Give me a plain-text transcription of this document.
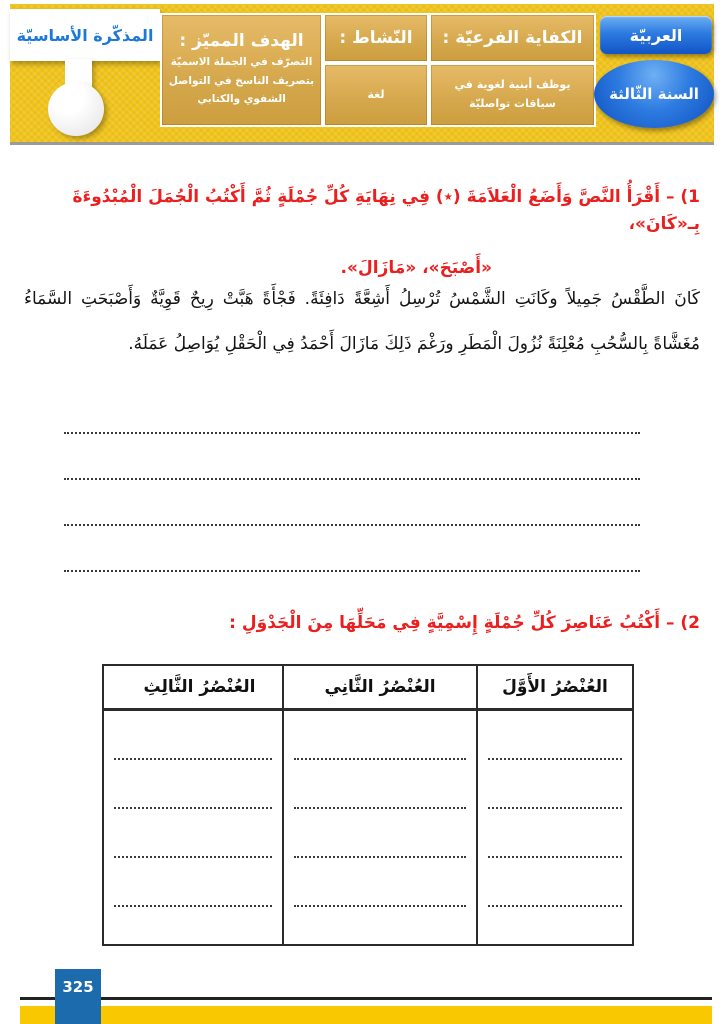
المذكّرة الأساسيّة	الكفاية الفرعيّة :
يوظف أبنية لغوية في سياقات تواصليّة
النّشاط :
لغة
الهدف المميّز :
التصرّف في الجملة الاسميّة بتصريف الناسخ في التواصل الشفوي والكتابي
العربيّة
السنة الثّالثة
1) – أَقْرَأُ النَّصَّ وَأَضَعُ الْعَلاَمَةَ (٭) فِي نِهَايَةِ كُلِّ جُمْلَةٍ ثُمَّ أَكْتُبُ الْجُمَلَ الْمُبْدُوءَةَ بِـ«كَانَ»،
«أَصْبَحَ»، «مَازَالَ».
كَانَ الطَّقْسُ جَمِيلاً وكَانَتِ الشَّمْسُ تُرْسِلُ أَشِعَّةً دَافِئَةً. فَجْأَةً هَبَّتْ رِيحٌ قَوِيَّةٌ وَأَصْبَحَتِ السَّمَاءُ مُغَشَّاةً بِالسُّحُبِ مُعْلِنَةً نُزُولَ الْمَطَرِ ورَغْمَ ذَلِكَ مَازَالَ أَحْمَدُ فِي الْحَقْلِ يُوَاصِلُ عَمَلَهُ.
2) – أَكْتُبُ عَنَاصِرَ كُلِّ جُمْلَةٍ إِسْمِيَّةٍ فِي مَحَلِّهَا مِنَ الْجَدْوَلِ :
العُنْصُرُ الأَوَّلَ	العُنْصُرُ الثَّانِي	العُنْصُرُ الثَّالِثِ

325
